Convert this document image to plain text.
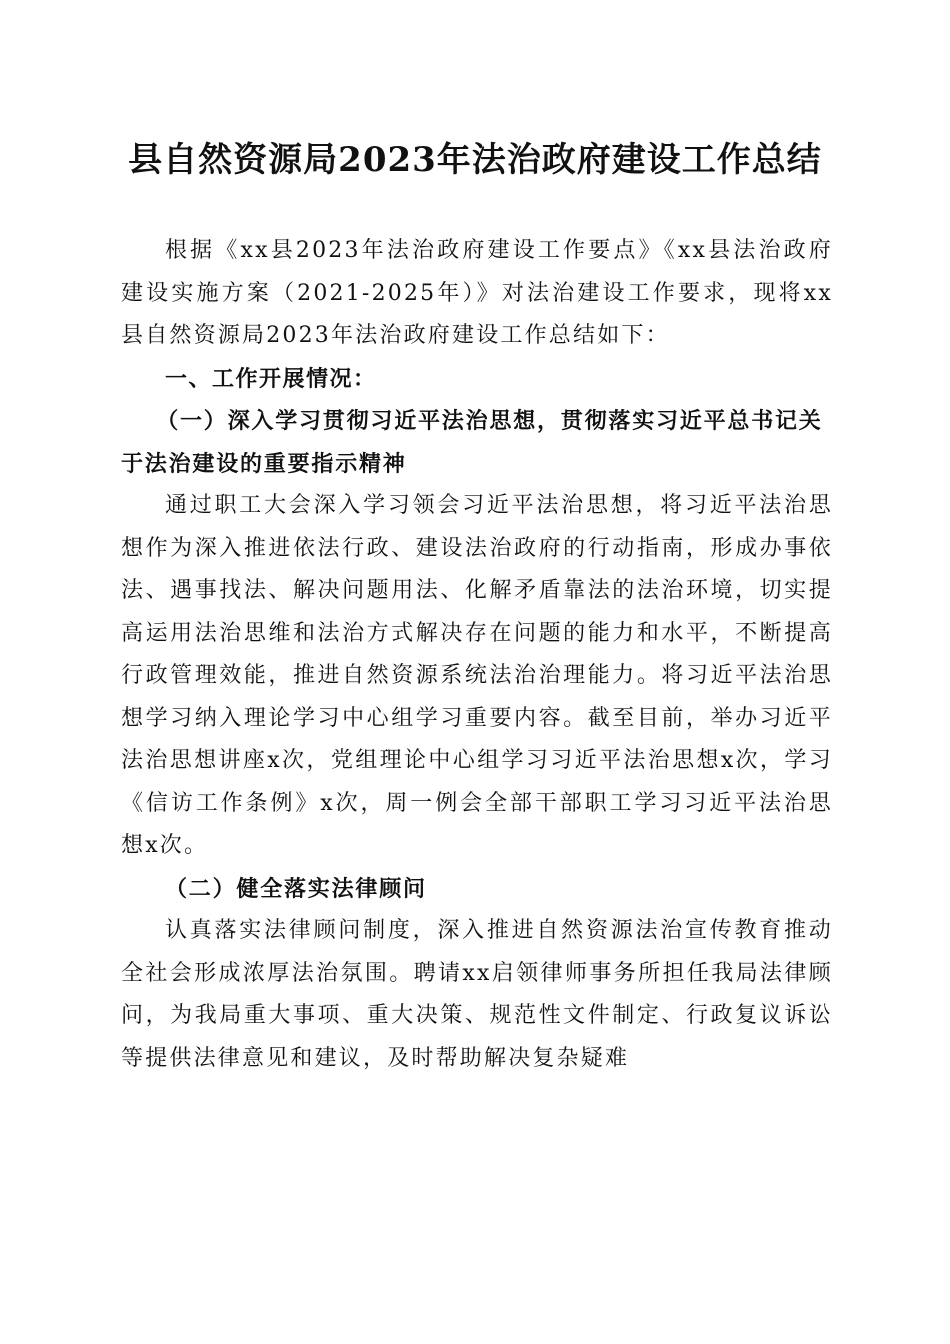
县自然资源局2023年法治政府建设工作总结

根据《xx县2023年法治政府建设工作要点》《xx县法治政府建设实施方案（2021-2025年）》对法治建设工作要求，现将xx县自然资源局2023年法治政府建设工作总结如下：

一、工作开展情况：

（一）深入学习贯彻习近平法治思想，贯彻落实习近平总书记关于法治建设的重要指示精神

通过职工大会深入学习领会习近平法治思想，将习近平法治思想作为深入推进依法行政、建设法治政府的行动指南，形成办事依法、遇事找法、解决问题用法、化解矛盾靠法的法治环境，切实提高运用法治思维和法治方式解决存在问题的能力和水平，不断提高行政管理效能，推进自然资源系统法治治理能力。将习近平法治思想学习纳入理论学习中心组学习重要内容。截至目前，举办习近平法治思想讲座x次，党组理论中心组学习习近平法治思想x次，学习《信访工作条例》x次，周一例会全部干部职工学习习近平法治思想x次。

（二）健全落实法律顾问

认真落实法律顾问制度，深入推进自然资源法治宣传教育推动全社会形成浓厚法治氛围。聘请xx启领律师事务所担任我局法律顾问，为我局重大事项、重大决策、规范性文件制定、行政复议诉讼等提供法律意见和建议，及时帮助解决复杂疑难
